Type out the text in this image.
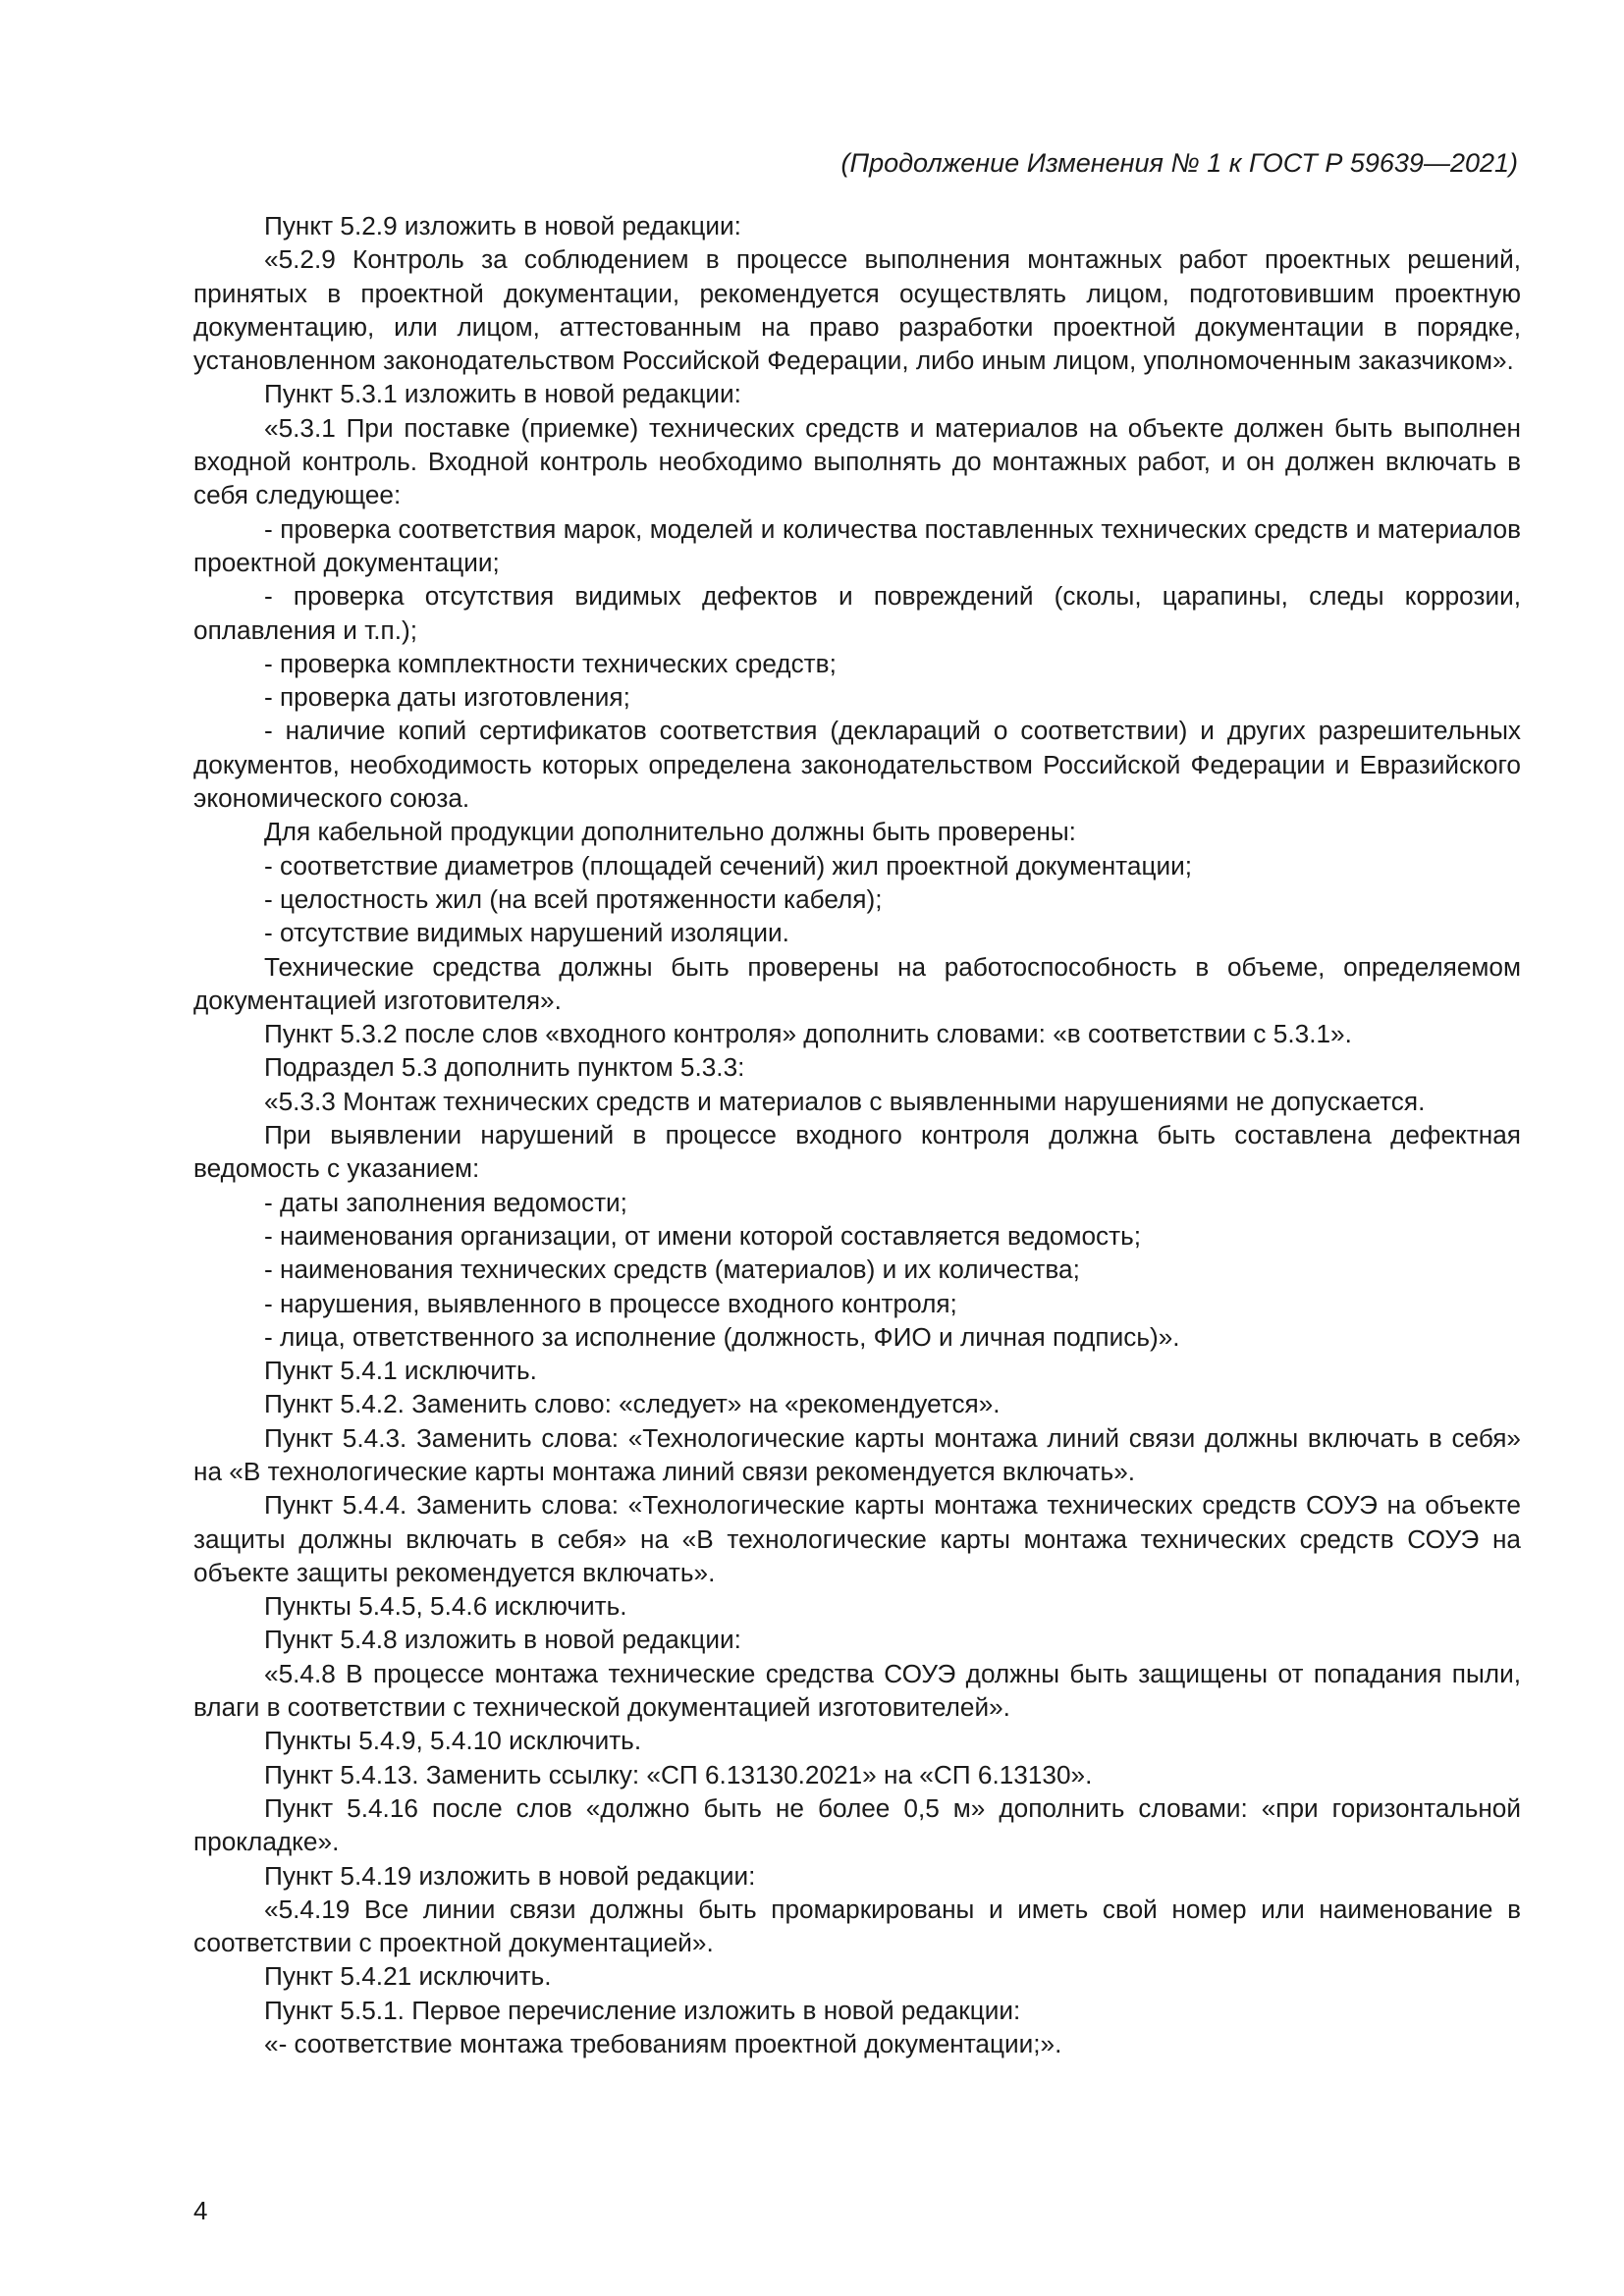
(Продолжение Изменения № 1 к ГОСТ Р 59639—2021)

Пункт 5.2.9 изложить в новой редакции:

«5.2.9 Контроль за соблюдением в процессе выполнения монтажных работ проектных решений, принятых в проектной документации, рекомендуется осуществлять лицом, подготовившим проектную документацию, или лицом, аттестованным на право разработки проектной документации в порядке, установленном законодательством Российской Федерации, либо иным лицом, уполномоченным заказчиком».

Пункт 5.3.1 изложить в новой редакции:

«5.3.1 При поставке (приемке) технических средств и материалов на объекте должен быть выполнен входной контроль. Входной контроль необходимо выполнять до монтажных работ, и он должен включать в себя следующее:

- проверка соответствия марок, моделей и количества поставленных технических средств и материалов проектной документации;

- проверка отсутствия видимых дефектов и повреждений (сколы, царапины, следы коррозии, оплавления и т.п.);

- проверка комплектности технических средств;

- проверка даты изготовления;

- наличие копий сертификатов соответствия (деклараций о соответствии) и других разрешительных документов, необходимость которых определена законодательством Российской Федерации и Евразийского экономического союза.

Для кабельной продукции дополнительно должны быть проверены:

- соответствие диаметров (площадей сечений) жил проектной документации;

- целостность жил (на всей протяженности кабеля);

- отсутствие видимых нарушений изоляции.

Технические средства должны быть проверены на работоспособность в объеме, определяемом документацией изготовителя».

Пункт 5.3.2 после слов «входного контроля» дополнить словами: «в соответствии с 5.3.1».

Подраздел 5.3 дополнить пунктом 5.3.3:

«5.3.3 Монтаж технических средств и материалов с выявленными нарушениями не допускается.

При выявлении нарушений в процессе входного контроля должна быть составлена дефектная ведомость с указанием:

- даты заполнения ведомости;

- наименования организации, от имени которой составляется ведомость;

- наименования технических средств (материалов) и их количества;

- нарушения, выявленного в процессе входного контроля;

- лица, ответственного за исполнение (должность, ФИО и личная подпись)».

Пункт 5.4.1 исключить.

Пункт 5.4.2. Заменить слово: «следует» на «рекомендуется».

Пункт 5.4.3. Заменить слова: «Технологические карты монтажа линий связи должны включать в себя» на «В технологические карты монтажа линий связи рекомендуется включать».

Пункт 5.4.4. Заменить слова: «Технологические карты монтажа технических средств СОУЭ на объекте защиты должны включать в себя» на «В технологические карты монтажа технических средств СОУЭ на объекте защиты рекомендуется включать».

Пункты 5.4.5, 5.4.6 исключить.

Пункт 5.4.8 изложить в новой редакции:

«5.4.8 В процессе монтажа технические средства СОУЭ должны быть защищены от попадания пыли, влаги в соответствии с технической документацией изготовителей».

Пункты 5.4.9, 5.4.10 исключить.

Пункт 5.4.13. Заменить ссылку: «СП 6.13130.2021» на «СП 6.13130».

Пункт 5.4.16 после слов «должно быть не более 0,5 м» дополнить словами: «при горизонтальной прокладке».

Пункт 5.4.19 изложить в новой редакции:

«5.4.19 Все линии связи должны быть промаркированы и иметь свой номер или наименование в соответствии с проектной документацией».

Пункт 5.4.21 исключить.

Пункт 5.5.1. Первое перечисление изложить в новой редакции:

«- соответствие монтажа требованиям проектной документации;».

4
